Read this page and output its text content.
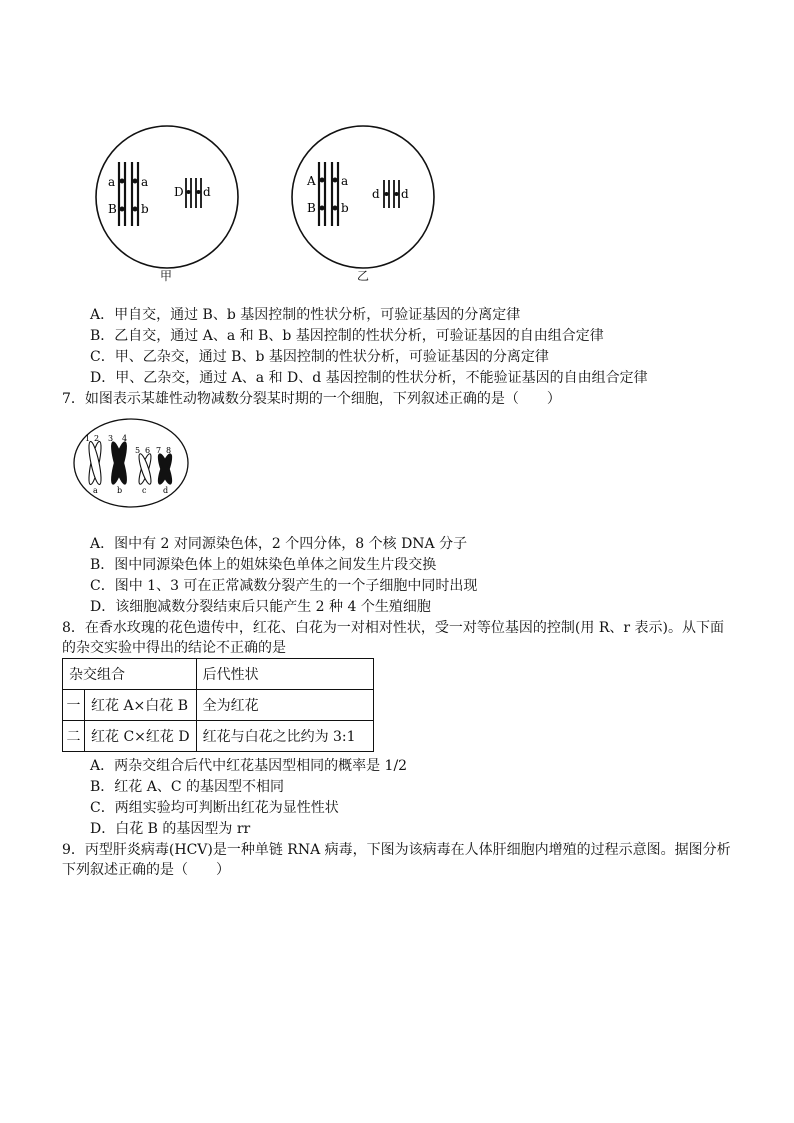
a
B
a
b
D d
甲
A
B
a
b
d d
乙
A．甲自交，通过 B、b 基因控制的性状分析，可验证基因的分离定律
B．乙自交，通过 A、a 和 B、b 基因控制的性状分析，可验证基因的自由组合定律
C．甲、乙杂交，通过 B、b 基因控制的性状分析，可验证基因的分离定律
D．甲、乙杂交，通过 A、a 和 D、d 基因控制的性状分析，不能验证基因的自由组合定律
7．如图表示某雄性动物减数分裂某时期的一个细胞，下列叙述正确的是（　　）
1 2 3 4
5 6 7 8
a b c d
A．图中有 2 对同源染色体，2 个四分体，8 个核 DNA 分子
B．图中同源染色体上的姐妹染色单体之间发生片段交换
C．图中 1、3 可在正常减数分裂产生的一个子细胞中同时出现
D．该细胞减数分裂结束后只能产生 2 种 4 个生殖细胞
8．在香水玫瑰的花色遗传中，红花、白花为一对相对性状，受一对等位基因的控制(用 R、r 表示)。从下面
的杂交实验中得出的结论不正确的是
杂交组合		后代性状
一	红花 A×白花 B	全为红花
二	红花 C×红花 D	红花与白花之比约为 3:1
A．两杂交组合后代中红花基因型相同的概率是 1/2
B．红花 A、C 的基因型不相同
C．两组实验均可判断出红花为显性性状
D．白花 B 的基因型为 rr
9．丙型肝炎病毒(HCV)是一种单链 RNA 病毒，下图为该病毒在人体肝细胞内增殖的过程示意图。据图分析
下列叙述正确的是（　　）
